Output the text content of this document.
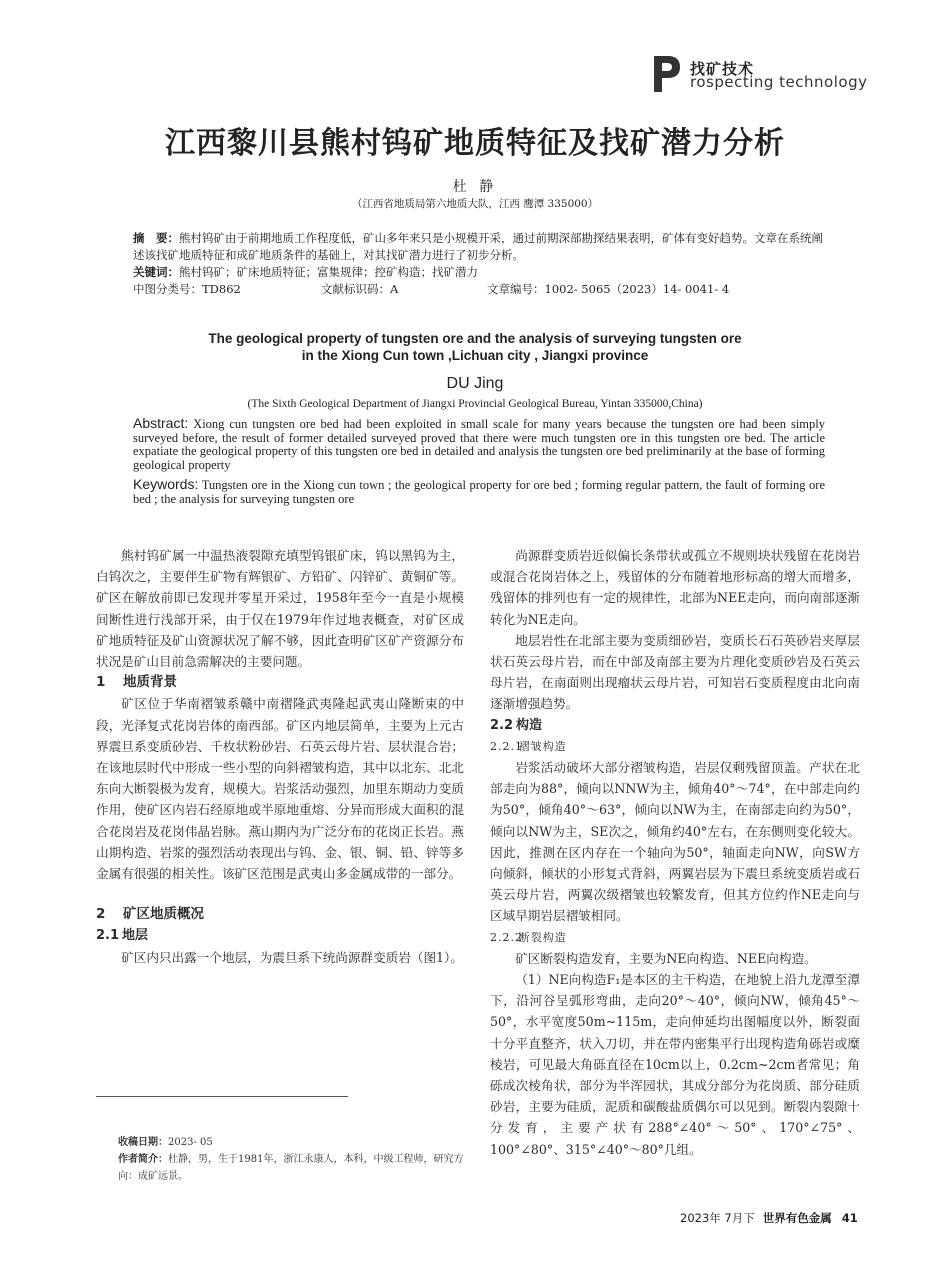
找矿技术
rospecting technology
江西黎川县熊村钨矿地质特征及找矿潜力分析
杜 静
（江西省地质局第六地质大队，江西 鹰潭 335000）
摘　要：熊村钨矿由于前期地质工作程度低，矿山多年来只是小规模开采，通过前期深部勘探结果表明，矿体有变好趋势。文章在系统阐述该找矿地质特征和成矿地质条件的基础上，对其找矿潜力进行了初步分析。
关键词：熊村钨矿；矿床地质特征；富集规律；控矿构造；找矿潜力
中图分类号：TD862	文献标识码：A	文章编号：1002- 5065（2023）14- 0041- 4
The geological property of tungsten ore and the analysis of surveying tungsten ore
in the Xiong Cun town ,Lichuan city , Jiangxi province
DU Jing
(The Sixth Geological Department of Jiangxi Provincial Geological Bureau, Yintan 335000,China)
Abstract: Xiong cun tungsten ore bed had been exploited in small scale for many years because the tungsten ore had been simply surveyed before, the result of former detailed surveyed proved that there were much tungsten ore in this tungsten ore bed. The article expatiate the geological property of this tungsten ore bed in detailed and analysis the tungsten ore bed preliminarily at the base of forming geological property
Keywords: Tungsten ore in the Xiong cun town ; the geological property for ore bed ; forming regular pattern, the fault of forming ore bed ; the analysis for surveying tungsten ore

熊村钨矿属一中温热液裂隙充填型钨银矿床，钨以黑钨为主，白钨次之，主要伴生矿物有辉银矿、方铅矿、闪锌矿、黄铜矿等。矿区在解放前即已发现并零星开采过，1958年至今一直是小规模间断性进行浅部开采，由于仅在1979年作过地表概查，对矿区成矿地质特征及矿山资源状况了解不够，因此查明矿区矿产资源分布状况是矿山目前急需解决的主要问题。

1 地质背景

矿区位于华南褶皱系赣中南褶隆武夷隆起武夷山隆断束的中段，光泽复式花岗岩体的南西部。矿区内地层简单，主要为上元古界震旦系变质砂岩、千枚状粉砂岩、石英云母片岩、层状混合岩；在该地层时代中形成一些小型的向斜褶皱构造，其中以北东、北北东向大断裂极为发育，规模大。岩浆活动强烈，加里东期动力变质作用，使矿区内岩石经原地或半原地重熔、分异而形成大面积的混合花岗岩及花岗伟晶岩脉。燕山期内为广泛分布的花岗正长岩。燕山期构造、岩浆的强烈活动表现出与钨、金、银、铜、铅、锌等多金属有很强的相关性。该矿区范围是武夷山多金属成带的一部分。

2 矿区地质概况

2.1 地层

矿区内只出露一个地层，为震旦系下统尚源群变质岩（图1）。

收稿日期：2023- 05
作者简介：杜静，男，生于1981年，浙江永康人，本科，中级工程师，研究方向：成矿远景。

尚源群变质岩近似偏长条带状或孤立不规则块状残留在花岗岩或混合花岗岩体之上，残留体的分布随着地形标高的增大而增多，残留体的排列也有一定的规律性，北部为NEE走向，而向南部逐渐转化为NE走向。

地层岩性在北部主要为变质细砂岩，变质长石石英砂岩夹厚层状石英云母片岩，而在中部及南部主要为片理化变质砂岩及石英云母片岩，在南面则出现瘤状云母片岩，可知岩石变质程度由北向南逐渐增强趋势。

2.2 构造

2.2.1褶皱构造

岩浆活动破坏大部分褶皱构造，岩层仅剩残留顶盖。产状在北部走向为88°，倾向以NNW为主，倾角40°～74°，在中部走向约为50°，倾角40°～63°，倾向以NW为主，在南部走向约为50°，倾向以NW为主，SE次之，倾角约40°左右，在东侧则变化较大。因此，推测在区内存在一个轴向为50°，轴面走向NW，向SW方向倾斜，倾状的小形复式背斜，两翼岩层为下震旦系统变质岩或石英云母片岩，两翼次级褶皱也较繁发育，但其方位约作NE走向与区域早期岩层褶皱相同。

2.2.2断裂构造

矿区断裂构造发育，主要为NE向构造、NEE向构造。

（1）NE向构造F₁是本区的主干构造，在地貌上沿九龙潭至潭下，沿河谷呈弧形弯曲，走向20°～40°，倾向NW，倾角45°～50°，水平宽度50m~115m，走向伸延均出图幅度以外，断裂面十分平直整齐，状入刀切，并在带内密集平行出现构造角砾岩或糜棱岩，可见最大角砾直径在10cm以上，0.2cm~2cm者常见；角砾成次棱角状，部分为半浑园状，其成分部分为花岗质、部分硅质砂岩，主要为硅质，泥质和碳酸盐质偶尔可以见到。断裂内裂隙十分发育，主要产状有288°∠40°～50°、170°∠75°、100°∠80°、315°∠40°～80°几组。

2023年 7月下 世界有色金属 41
